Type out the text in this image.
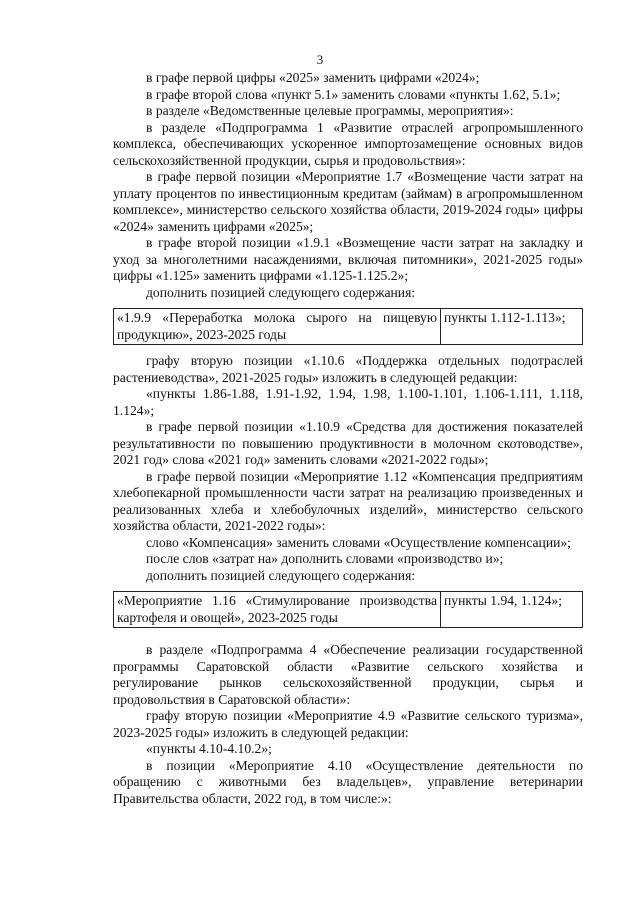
3

в графе первой цифры «2025» заменить цифрами «2024»;

в графе второй слова «пункт 5.1» заменить словами «пункты 1.62, 5.1»;

в разделе «Ведомственные целевые программы, мероприятия»:

в разделе «Подпрограмма 1 «Развитие отраслей агропромышленного комплекса, обеспечивающих ускоренное импортозамещение основных видов сельскохозяйственной продукции, сырья и продовольствия»:

в графе первой позиции «Мероприятие 1.7 «Возмещение части затрат на уплату процентов по инвестиционным кредитам (займам) в агропромышленном комплексе», министерство сельского хозяйства области, 2019-2024 годы» цифры «2024» заменить цифрами «2025»;

в графе второй позиции «1.9.1 «Возмещение части затрат на закладку и уход за многолетними насаждениями, включая питомники», 2021-2025 годы» цифры «1.125» заменить цифрами «1.125-1.125.2»;

дополнить позицией следующего содержания:

«1.9.9 «Переработка молока сырого на пищевую продукцию», 2023-2025 годы	пункты 1.112-1.113»;

графу вторую позиции «1.10.6 «Поддержка отдельных подотраслей растениеводства», 2021-2025 годы» изложить в следующей редакции:

«пункты 1.86-1.88, 1.91-1.92, 1.94, 1.98, 1.100-1.101, 1.106-1.111, 1.118, 1.124»;

в графе первой позиции «1.10.9 «Средства для достижения показателей результативности по повышению продуктивности в молочном скотоводстве», 2021 год» слова «2021 год» заменить словами «2021-2022 годы»;

в графе первой позиции «Мероприятие 1.12 «Компенсация предприятиям хлебопекарной промышленности части затрат на реализацию произведенных и реализованных хлеба и хлебобулочных изделий», министерство сельского хозяйства области, 2021-2022 годы»:

слово «Компенсация» заменить словами «Осуществление компенсации»;

после слов «затрат на» дополнить словами «производство и»;

дополнить позицией следующего содержания:

«Мероприятие 1.16 «Стимулирование производства картофеля и овощей», 2023-2025 годы	пункты 1.94, 1.124»;

в разделе «Подпрограмма 4 «Обеспечение реализации государственной программы Саратовской области «Развитие сельского хозяйства и регулирование рынков сельскохозяйственной продукции, сырья и продовольствия в Саратовской области»:

графу вторую позиции «Мероприятие 4.9 «Развитие сельского туризма», 2023-2025 годы» изложить в следующей редакции:

«пункты 4.10-4.10.2»;

в позиции «Мероприятие 4.10 «Осуществление деятельности по обращению с животными без владельцев», управление ветеринарии Правительства области, 2022 год, в том числе:»:
